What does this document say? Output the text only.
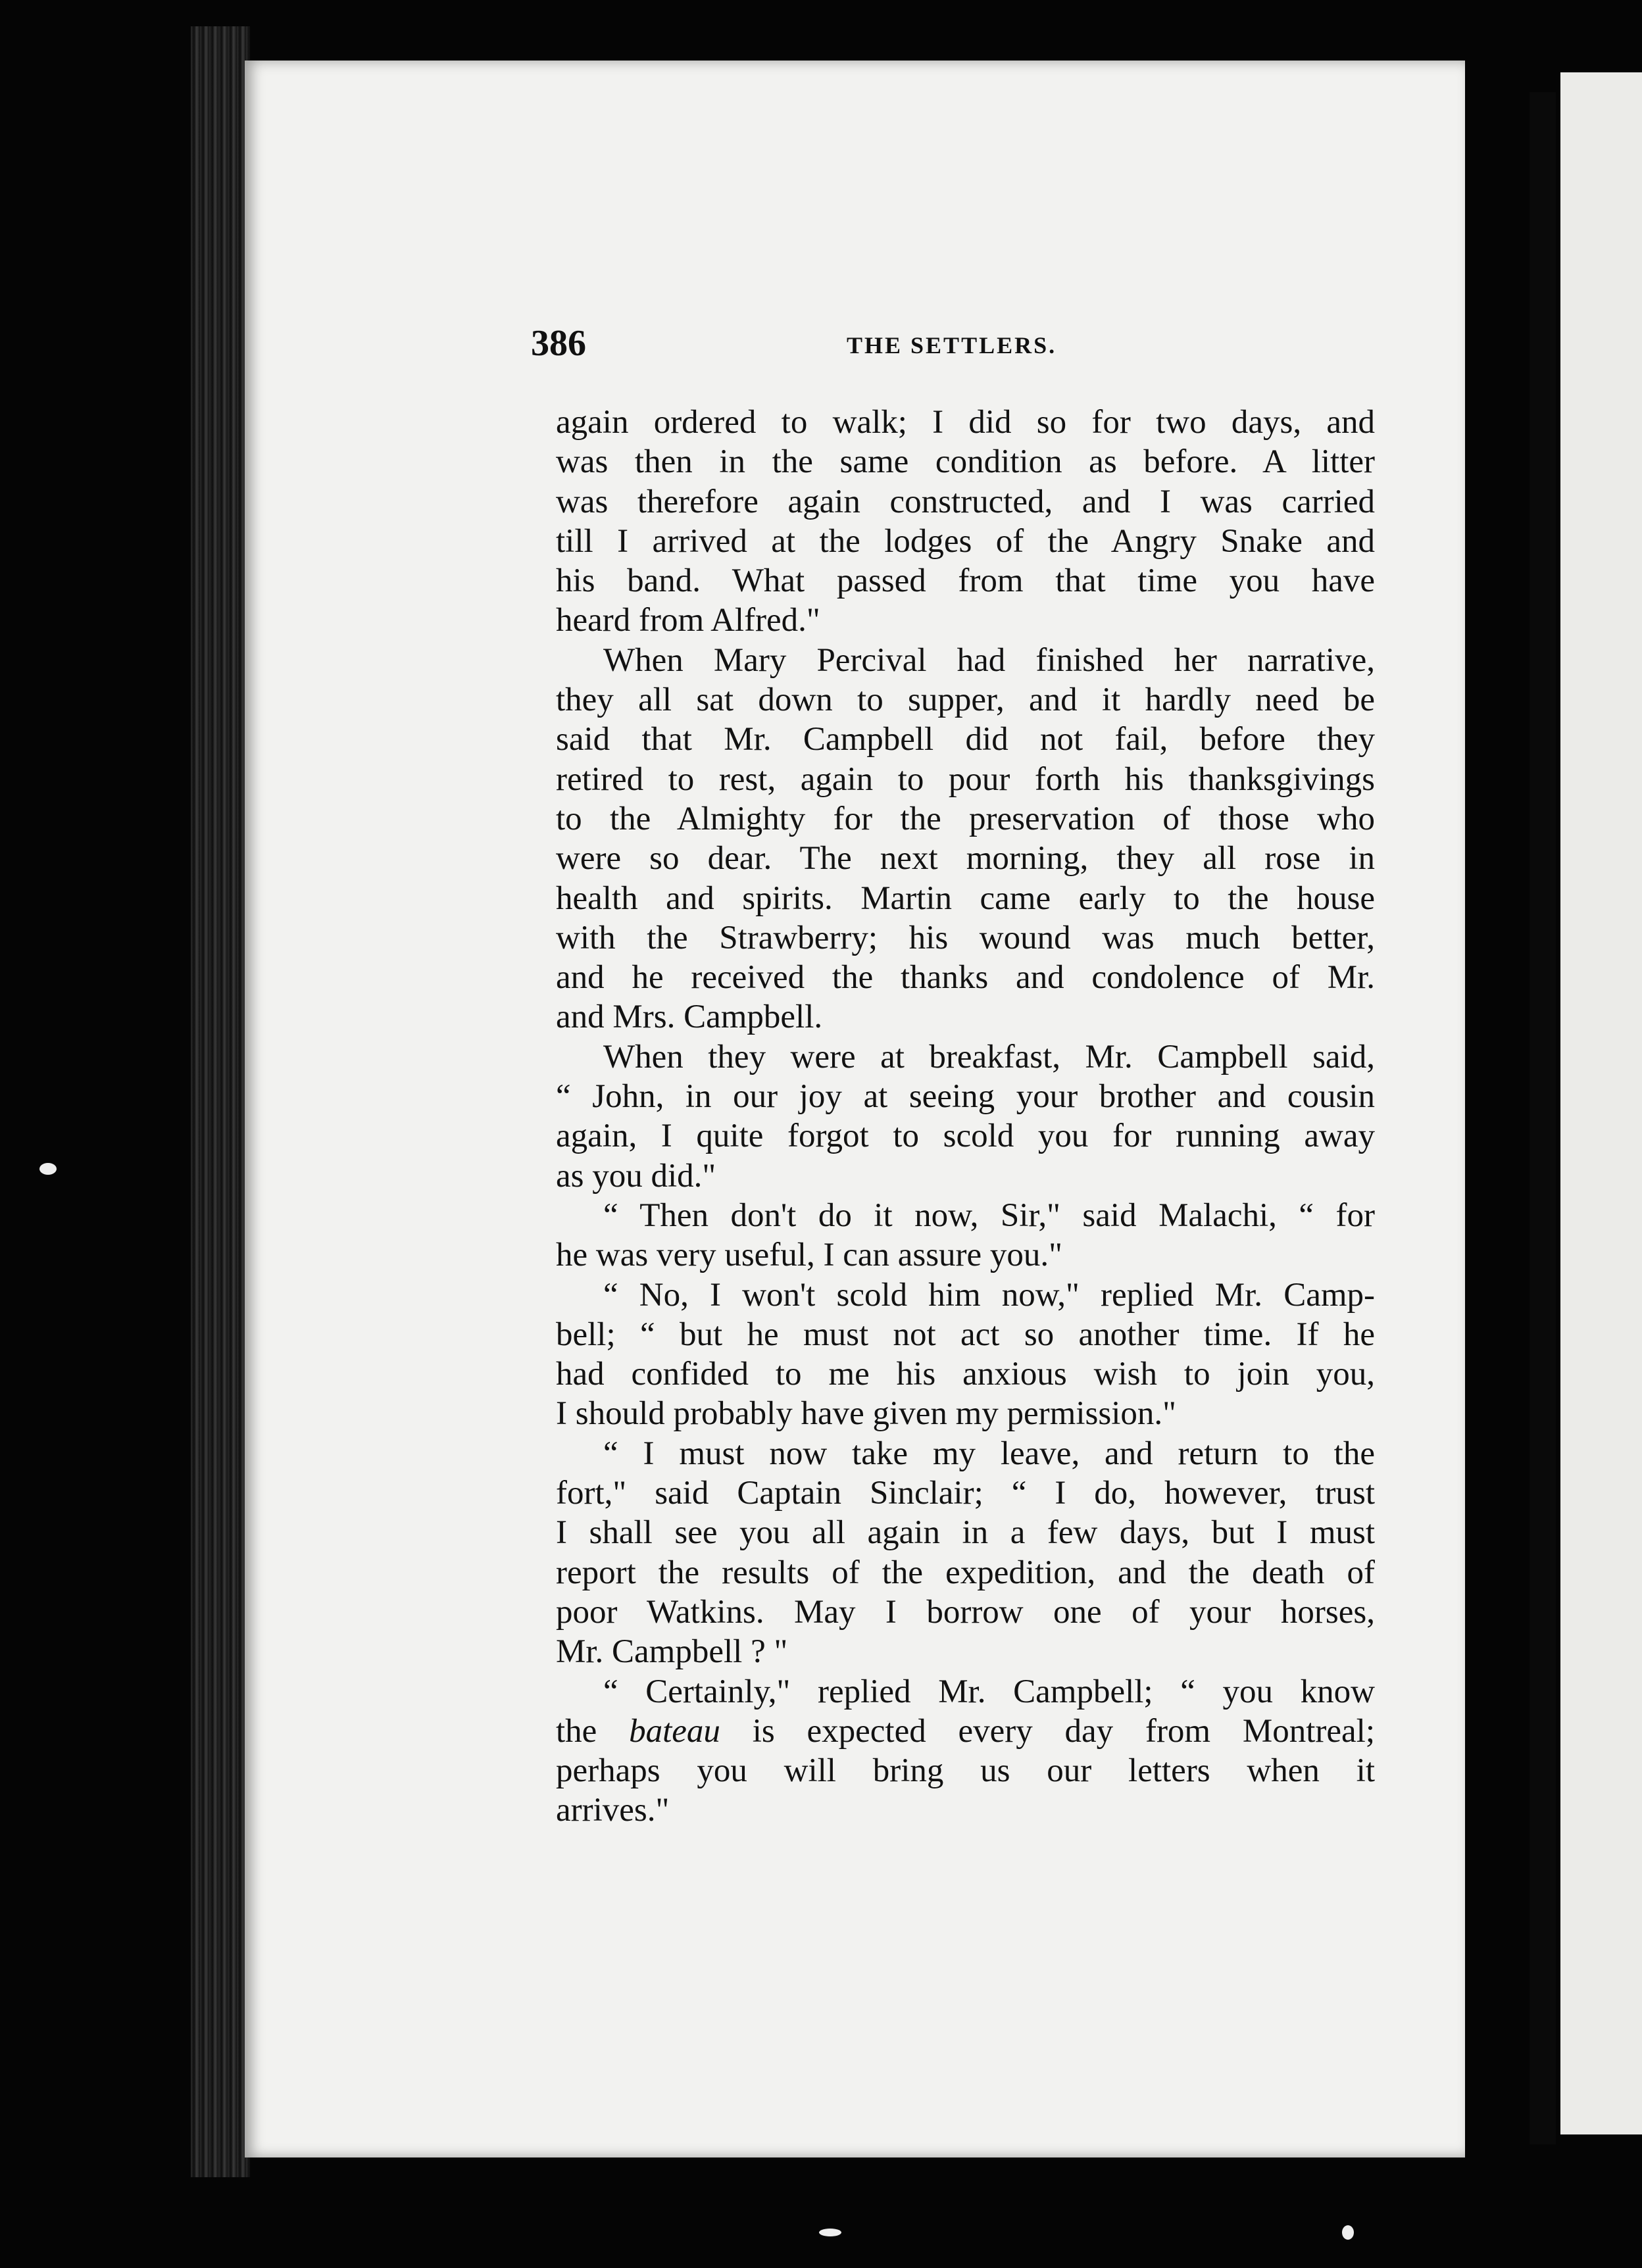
386	THE SETTLERS.
again ordered to walk; I did so for two days, and
was then in the same condition as before. A litter
was therefore again constructed, and I was carried
till I arrived at the lodges of the Angry Snake and
his band. What passed from that time you have
heard from Alfred."
When Mary Percival had finished her narrative,
they all sat down to supper, and it hardly need be
said that Mr. Campbell did not fail, before they
retired to rest, again to pour forth his thanksgivings
to the Almighty for the preservation of those who
were so dear. The next morning, they all rose in
health and spirits. Martin came early to the house
with the Strawberry; his wound was much better,
and he received the thanks and condolence of Mr.
and Mrs. Campbell.
When they were at breakfast, Mr. Campbell said,
“ John, in our joy at seeing your brother and cousin
again, I quite forgot to scold you for running away
as you did."
“ Then don't do it now, Sir," said Malachi, “ for
he was very useful, I can assure you."
“ No, I won't scold him now," replied Mr. Camp-
bell; “ but he must not act so another time. If he
had confided to me his anxious wish to join you,
I should probably have given my permission."
“ I must now take my leave, and return to the
fort," said Captain Sinclair; “ I do, however, trust
I shall see you all again in a few days, but I must
report the results of the expedition, and the death of
poor Watkins. May I borrow one of your horses,
Mr. Campbell ? "
“ Certainly," replied Mr. Campbell; “ you know
the bateau is expected every day from Montreal;
perhaps you will bring us our letters when it
arrives."
